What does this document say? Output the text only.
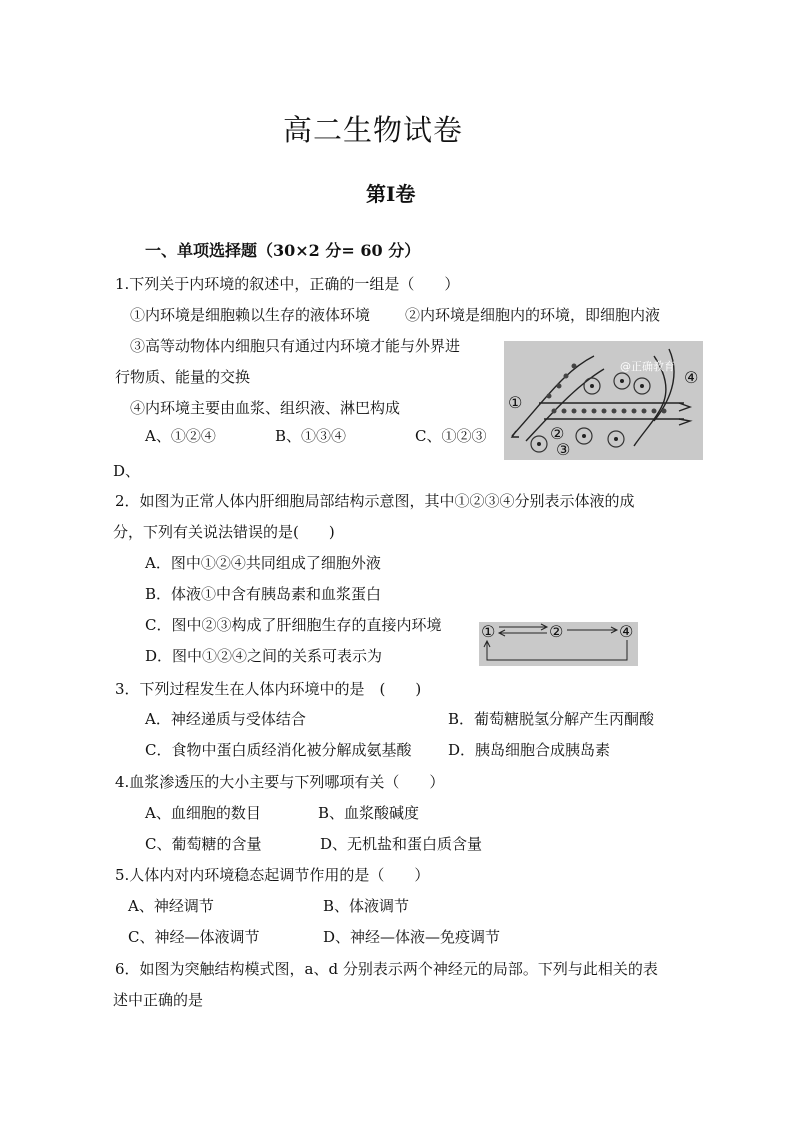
高二生物试卷
第Ⅰ卷
一、单项选择题（30×2 分= 60 分）
1.下列关于内环境的叙述中，正确的一组是（　　）
①内环境是细胞赖以生存的液体环境 ②内环境是细胞内的环境，即细胞内液
③高等动物体内细胞只有通过内环境才能与外界进
行物质、能量的交换
④内环境主要由血浆、组织液、淋巴构成
A、①②④	B、①③④	C、①②③
D、
@正确教育
①
②
③
④
2．如图为正常人体内肝细胞局部结构示意图，其中①②③④分别表示体液的成
分，下列有关说法错误的是(　　)
A．图中①②④共同组成了细胞外液
B．体液①中含有胰岛素和血浆蛋白
C．图中②③构成了肝细胞生存的直接内环境
D．图中①②④之间的关系可表示为
①	②	④
3．下列过程发生在人体内环境中的是　(　　)
A．神经递质与受体结合	B．葡萄糖脱氢分解产生丙酮酸
C．食物中蛋白质经消化被分解成氨基酸 D．胰岛细胞合成胰岛素
4.血浆渗透压的大小主要与下列哪项有关（　　）
A、血细胞的数目	B、血浆酸碱度
C、葡萄糖的含量	D、无机盐和蛋白质含量
5.人体内对内环境稳态起调节作用的是（　　）
A、神经调节	B、体液调节
C、神经—体液调节	D、神经—体液—免疫调节
6．如图为突触结构模式图，a、d 分别表示两个神经元的局部。下列与此相关的表
述中正确的是
